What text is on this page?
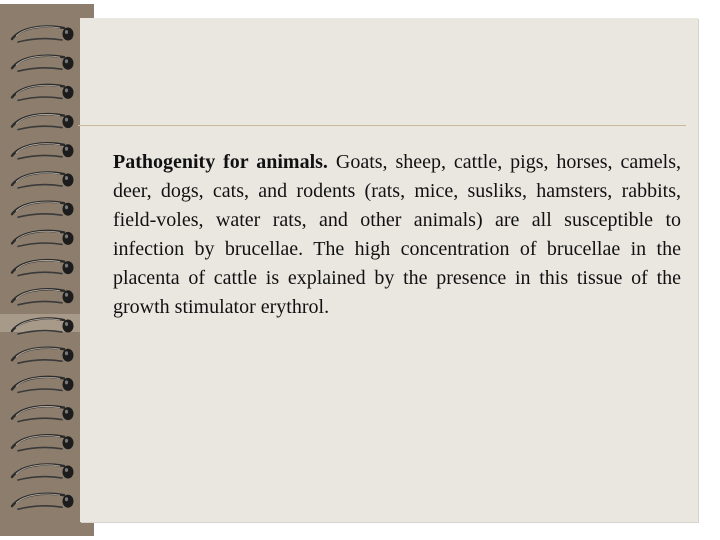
Pathogenity for animals. Goats, sheep, cattle, pigs, horses, camels, deer, dogs, cats, and rodents (rats, mice, susliks, hamsters, rabbits, field-voles, water rats, and other animals) are all susceptible to infection by brucellae. The high concentration of brucellae in the placenta of cattle is explained by the presence in this tissue of the growth stimulator erythrol.
